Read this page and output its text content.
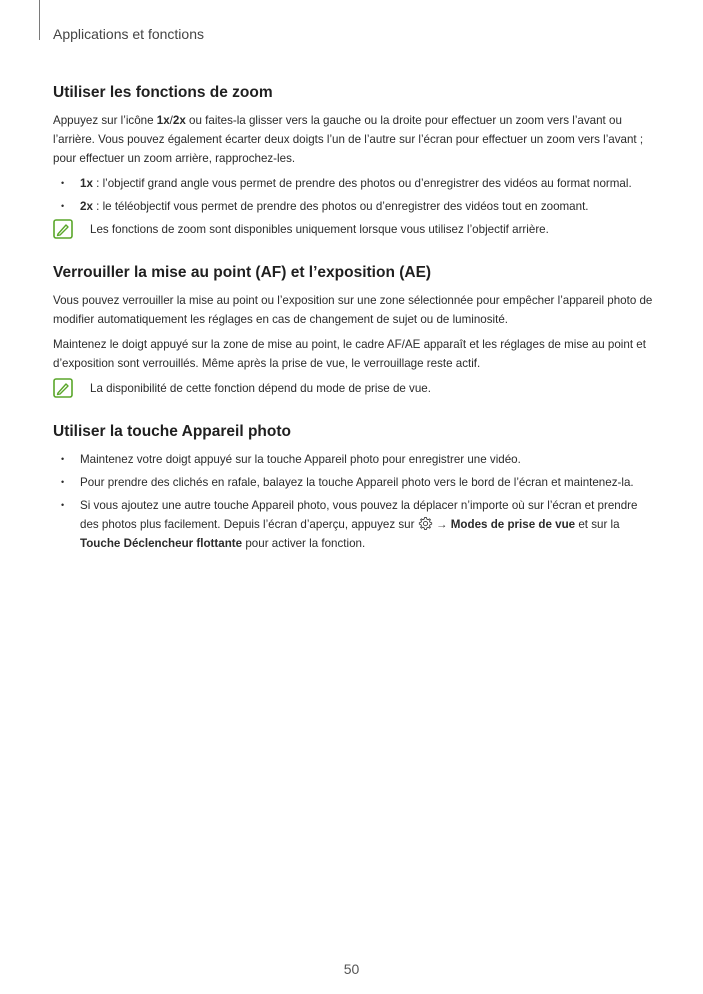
Applications et fonctions
Utiliser les fonctions de zoom

Appuyez sur l’icône 1x/2x ou faites-la glisser vers la gauche ou la droite pour effectuer un zoom vers l’avant ou l’arrière. Vous pouvez également écarter deux doigts l’un de l’autre sur l’écran pour effectuer un zoom vers l’avant ; pour effectuer un zoom arrière, rapprochez-les.

• 1x : l’objectif grand angle vous permet de prendre des photos ou d’enregistrer des vidéos au format normal.
• 2x : le téléobjectif vous permet de prendre des photos ou d’enregistrer des vidéos tout en zoomant.
Les fonctions de zoom sont disponibles uniquement lorsque vous utilisez l’objectif arrière.
Verrouiller la mise au point (AF) et l’exposition (AE)

Vous pouvez verrouiller la mise au point ou l’exposition sur une zone sélectionnée pour empêcher l’appareil photo de modifier automatiquement les réglages en cas de changement de sujet ou de luminosité.

Maintenez le doigt appuyé sur la zone de mise au point, le cadre AF/AE apparaît et les réglages de mise au point et d’exposition sont verrouillés. Même après la prise de vue, le verrouillage reste actif.

La disponibilité de cette fonction dépend du mode de prise de vue.
Utiliser la touche Appareil photo
• Maintenez votre doigt appuyé sur la touche Appareil photo pour enregistrer une vidéo.
• Pour prendre des clichés en rafale, balayez la touche Appareil photo vers le bord de l’écran et maintenez-la.
• Si vous ajoutez une autre touche Appareil photo, vous pouvez la déplacer n’importe où sur l’écran et prendre des photos plus facilement. Depuis l’écran d’aperçu, appuyez sur  → Modes de prise de vue et sur la Touche Déclencheur flottante pour activer la fonction.
50
